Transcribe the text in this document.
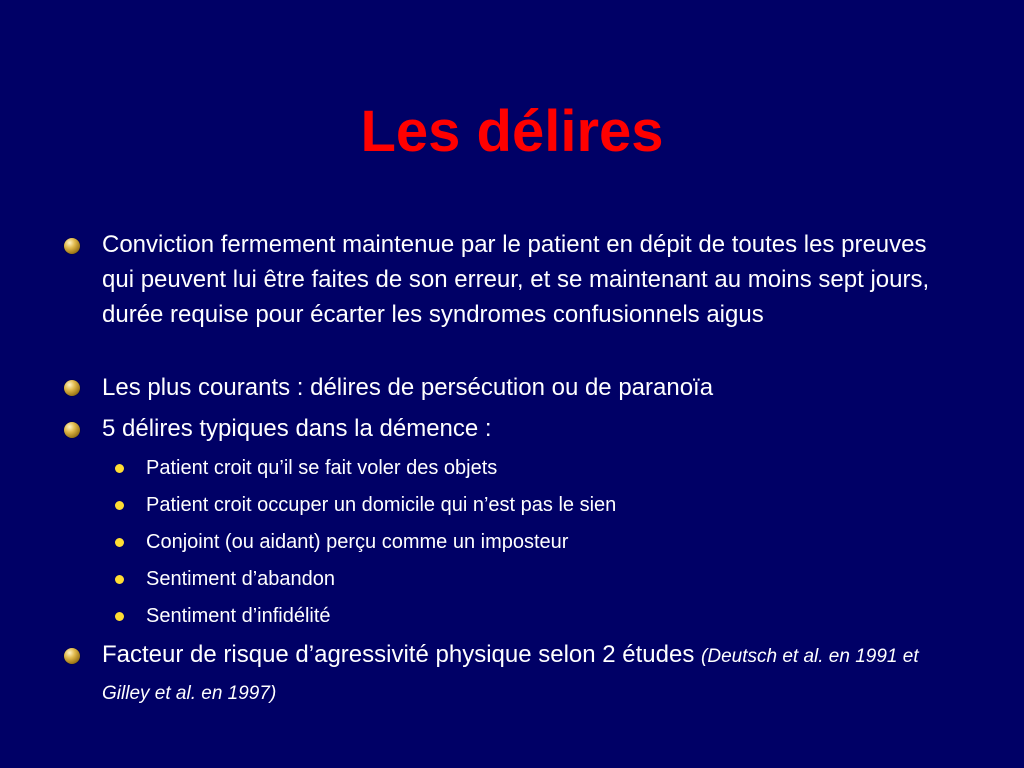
Les délires
Conviction fermement maintenue par le patient en dépit de toutes les preuves qui peuvent lui être faites de son erreur, et se maintenant au moins sept jours, durée requise pour écarter les syndromes confusionnels aigus
Les plus courants : délires de persécution ou de paranoïa
5 délires typiques dans la démence :
Patient croit qu’il se fait voler des objets
Patient croit occuper un domicile qui n’est pas le sien
Conjoint (ou aidant) perçu comme un imposteur
Sentiment d’abandon
Sentiment d’infidélité
Facteur de risque d’agressivité physique selon 2 études (Deutsch et al. en 1991 et Gilley et al. en 1997)
